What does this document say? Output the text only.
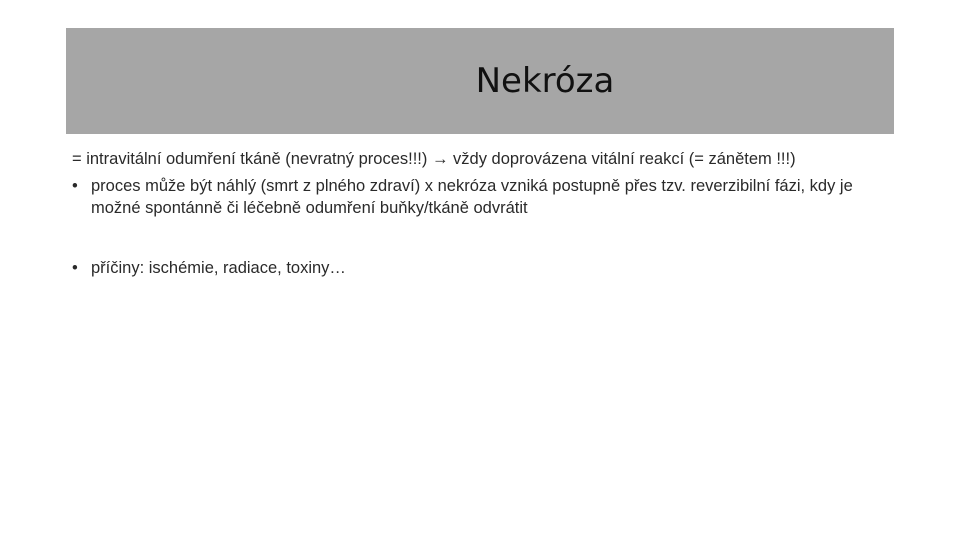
Nekróza

= intravitální odumření tkáně (nevratný proces!!!) → vždy doprovázena vitální reakcí (= zánětem !!!)

• proces může být náhlý (smrt z plného zdraví) x nekróza vzniká postupně přes tzv. reverzibilní fázi, kdy je možné spontánně či léčebně odumření buňky/tkáně odvrátit
• příčiny: ischémie, radiace, toxiny…
